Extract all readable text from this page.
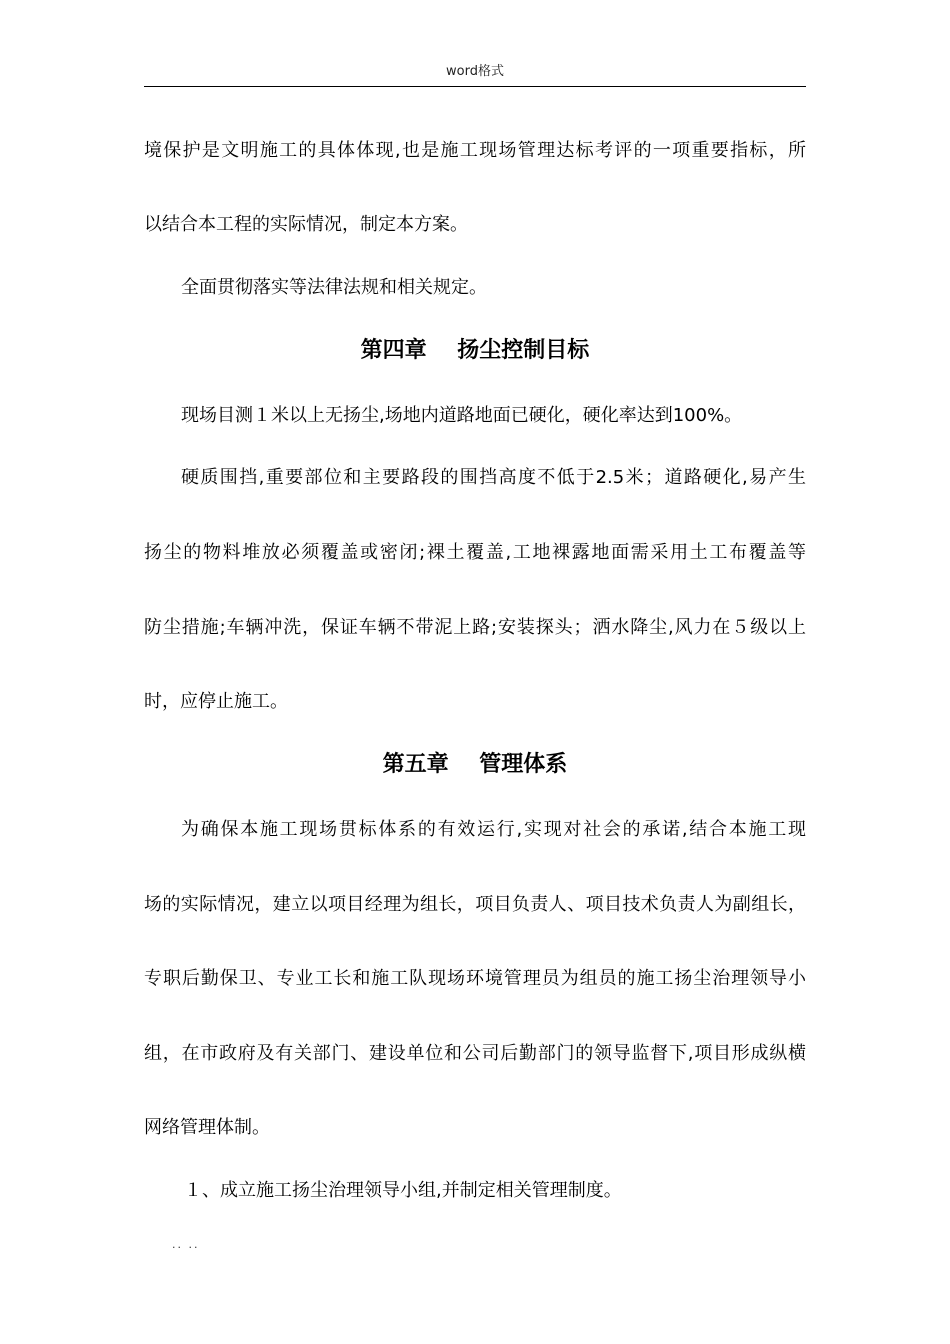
word格式
境保护是文明施工的具体体现,也是施工现场管理达标考评的一项重要指标，所
以结合本工程的实际情况，制定本方案。
全面贯彻落实等法律法规和相关规定。
第四章    扬尘控制目标
现场目测１米以上无扬尘,场地内道路地面已硬化，硬化率达到100%。
硬质围挡,重要部位和主要路段的围挡高度不低于2.5米；道路硬化,易产生
扬尘的物料堆放必须覆盖或密闭;裸土覆盖,工地裸露地面需采用土工布覆盖等
防尘措施;车辆冲洗，保证车辆不带泥上路;安装探头；洒水降尘,风力在５级以上
时，应停止施工。
第五章    管理体系
为确保本施工现场贯标体系的有效运行,实现对社会的承诺,结合本施工现
场的实际情况，建立以项目经理为组长，项目负责人、项目技术负责人为副组长，
专职后勤保卫、专业工长和施工队现场环境管理员为组员的施工扬尘治理领导小
组，在市政府及有关部门、建设单位和公司后勤部门的领导监督下,项目形成纵横
网络管理体制。
１、成立施工扬尘治理领导小组,并制定相关管理制度。
.. ..
